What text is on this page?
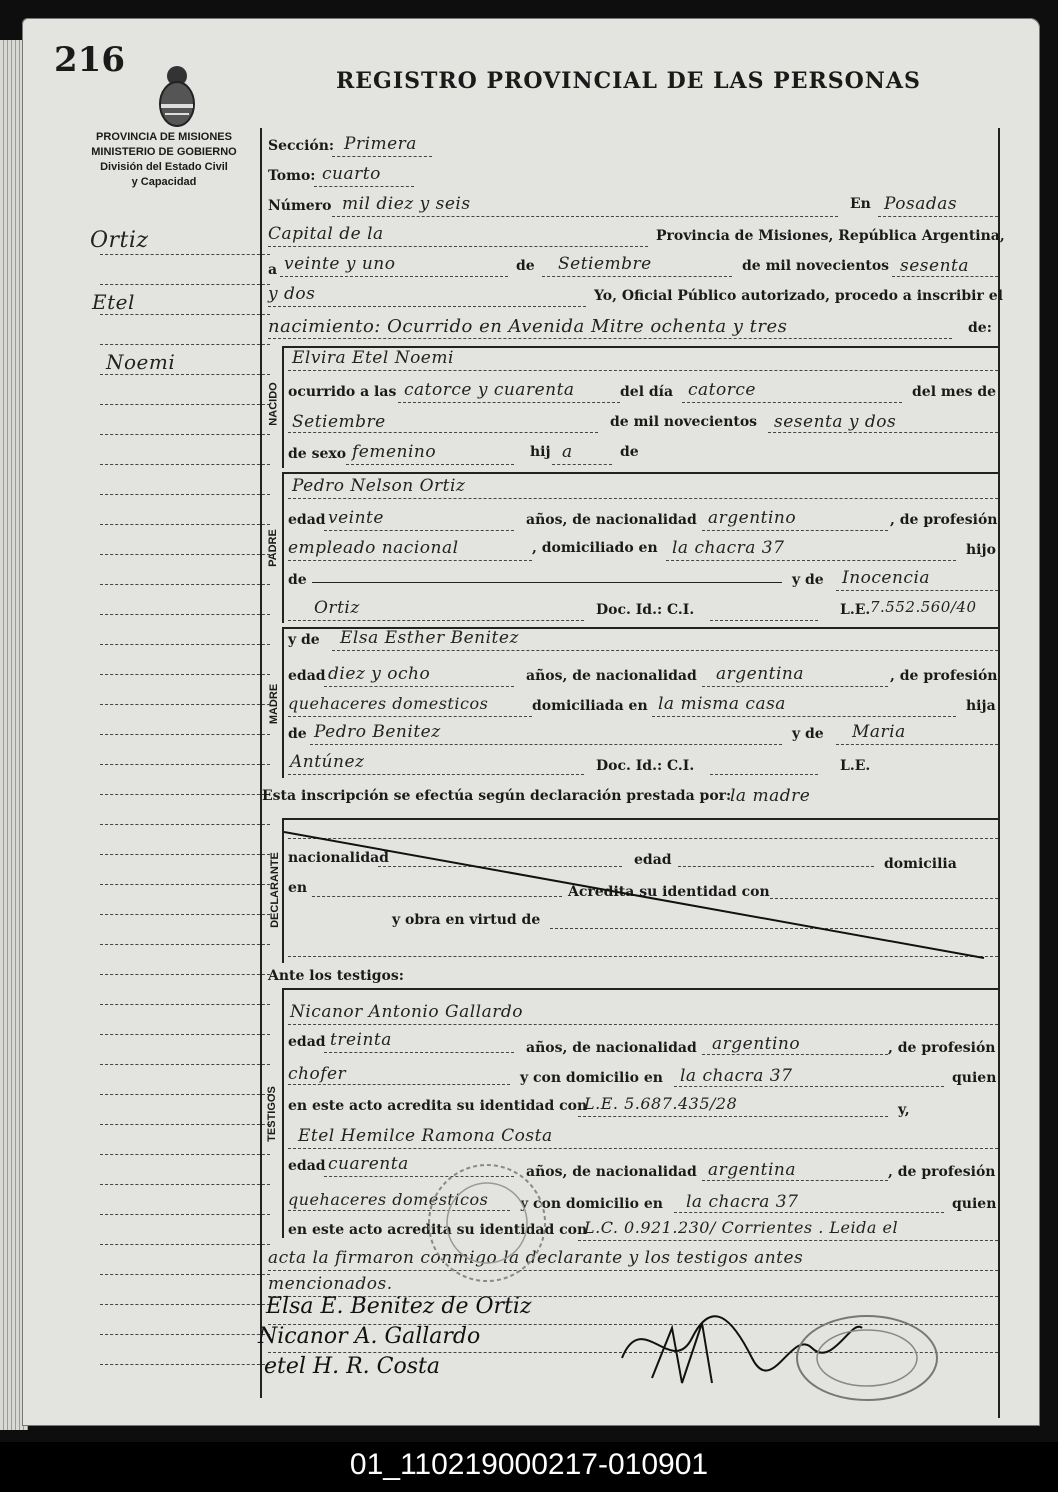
216
REGISTRO PROVINCIAL DE LAS PERSONAS
PROVINCIA DE MISIONES
MINISTERIO DE GOBIERNO
División del Estado Civil
y Capacidad
Ortiz
Etel
Noemi
NACIDO
PADRE
MADRE
DECLARANTE
TESTIGOS
Sección: Primera
Tomo: cuarto
Número mil diez y seis	En Posadas
Capital de la	Provincia de Misiones, República Argentina,
a veinte y uno	de Setiembre	de mil novecientos sesenta
y dos	Yo, Oficial Público autorizado, procedo a inscribir el
nacimiento: Ocurrido en Avenida Mitre ochenta y tres	de:
Elvira Etel Noemi
ocurrido a las catorce y cuarenta	del día catorce	del mes de
Setiembre	de mil novecientos sesenta y dos
de sexo femenino	hij a	de
Pedro Nelson Ortiz
edad veinte	años, de nacionalidad argentino	, de profesión
empleado nacional	, domiciliado en la chacra 37	hijo
de	y de Inocencia
Ortiz	Doc. Id.: C.I.	L.E. 7.552.560/40
y de Elsa Esther Benitez
edad diez y ocho	años, de nacionalidad argentina	, de profesión
quehaceres domesticos	domiciliada en la misma casa	hija
de Pedro Benitez	y de Maria
Antúnez	Doc. Id.: C.I.	L.E.
Esta inscripción se efectúa según declaración prestada por:
la madre
nacionalidad	edad	domicilia
en	Acredita su identidad con
y obra en virtud de
Ante los testigos:
Nicanor Antonio Gallardo
edad treinta	años, de nacionalidad argentino	, de profesión
chofer	y con domicilio en la chacra 37	quien
en este acto acredita su identidad con
L.E. 5.687.435/28	y,
Etel Hemilce Ramona Costa
edad cuarenta	años, de nacionalidad argentina	, de profesión
quehaceres domesticos y con domicilio en la chacra 37	quien
en este acto acredita su identidad con
L.C. 0.921.230/ Corrientes . Leida el
acta la firmaron conmigo la declarante y los testigos antes
mencionados.
Elsa E. Benitez de Ortiz
Nicanor A. Gallardo
etel H. R. Costa
01_110219000217-010901
